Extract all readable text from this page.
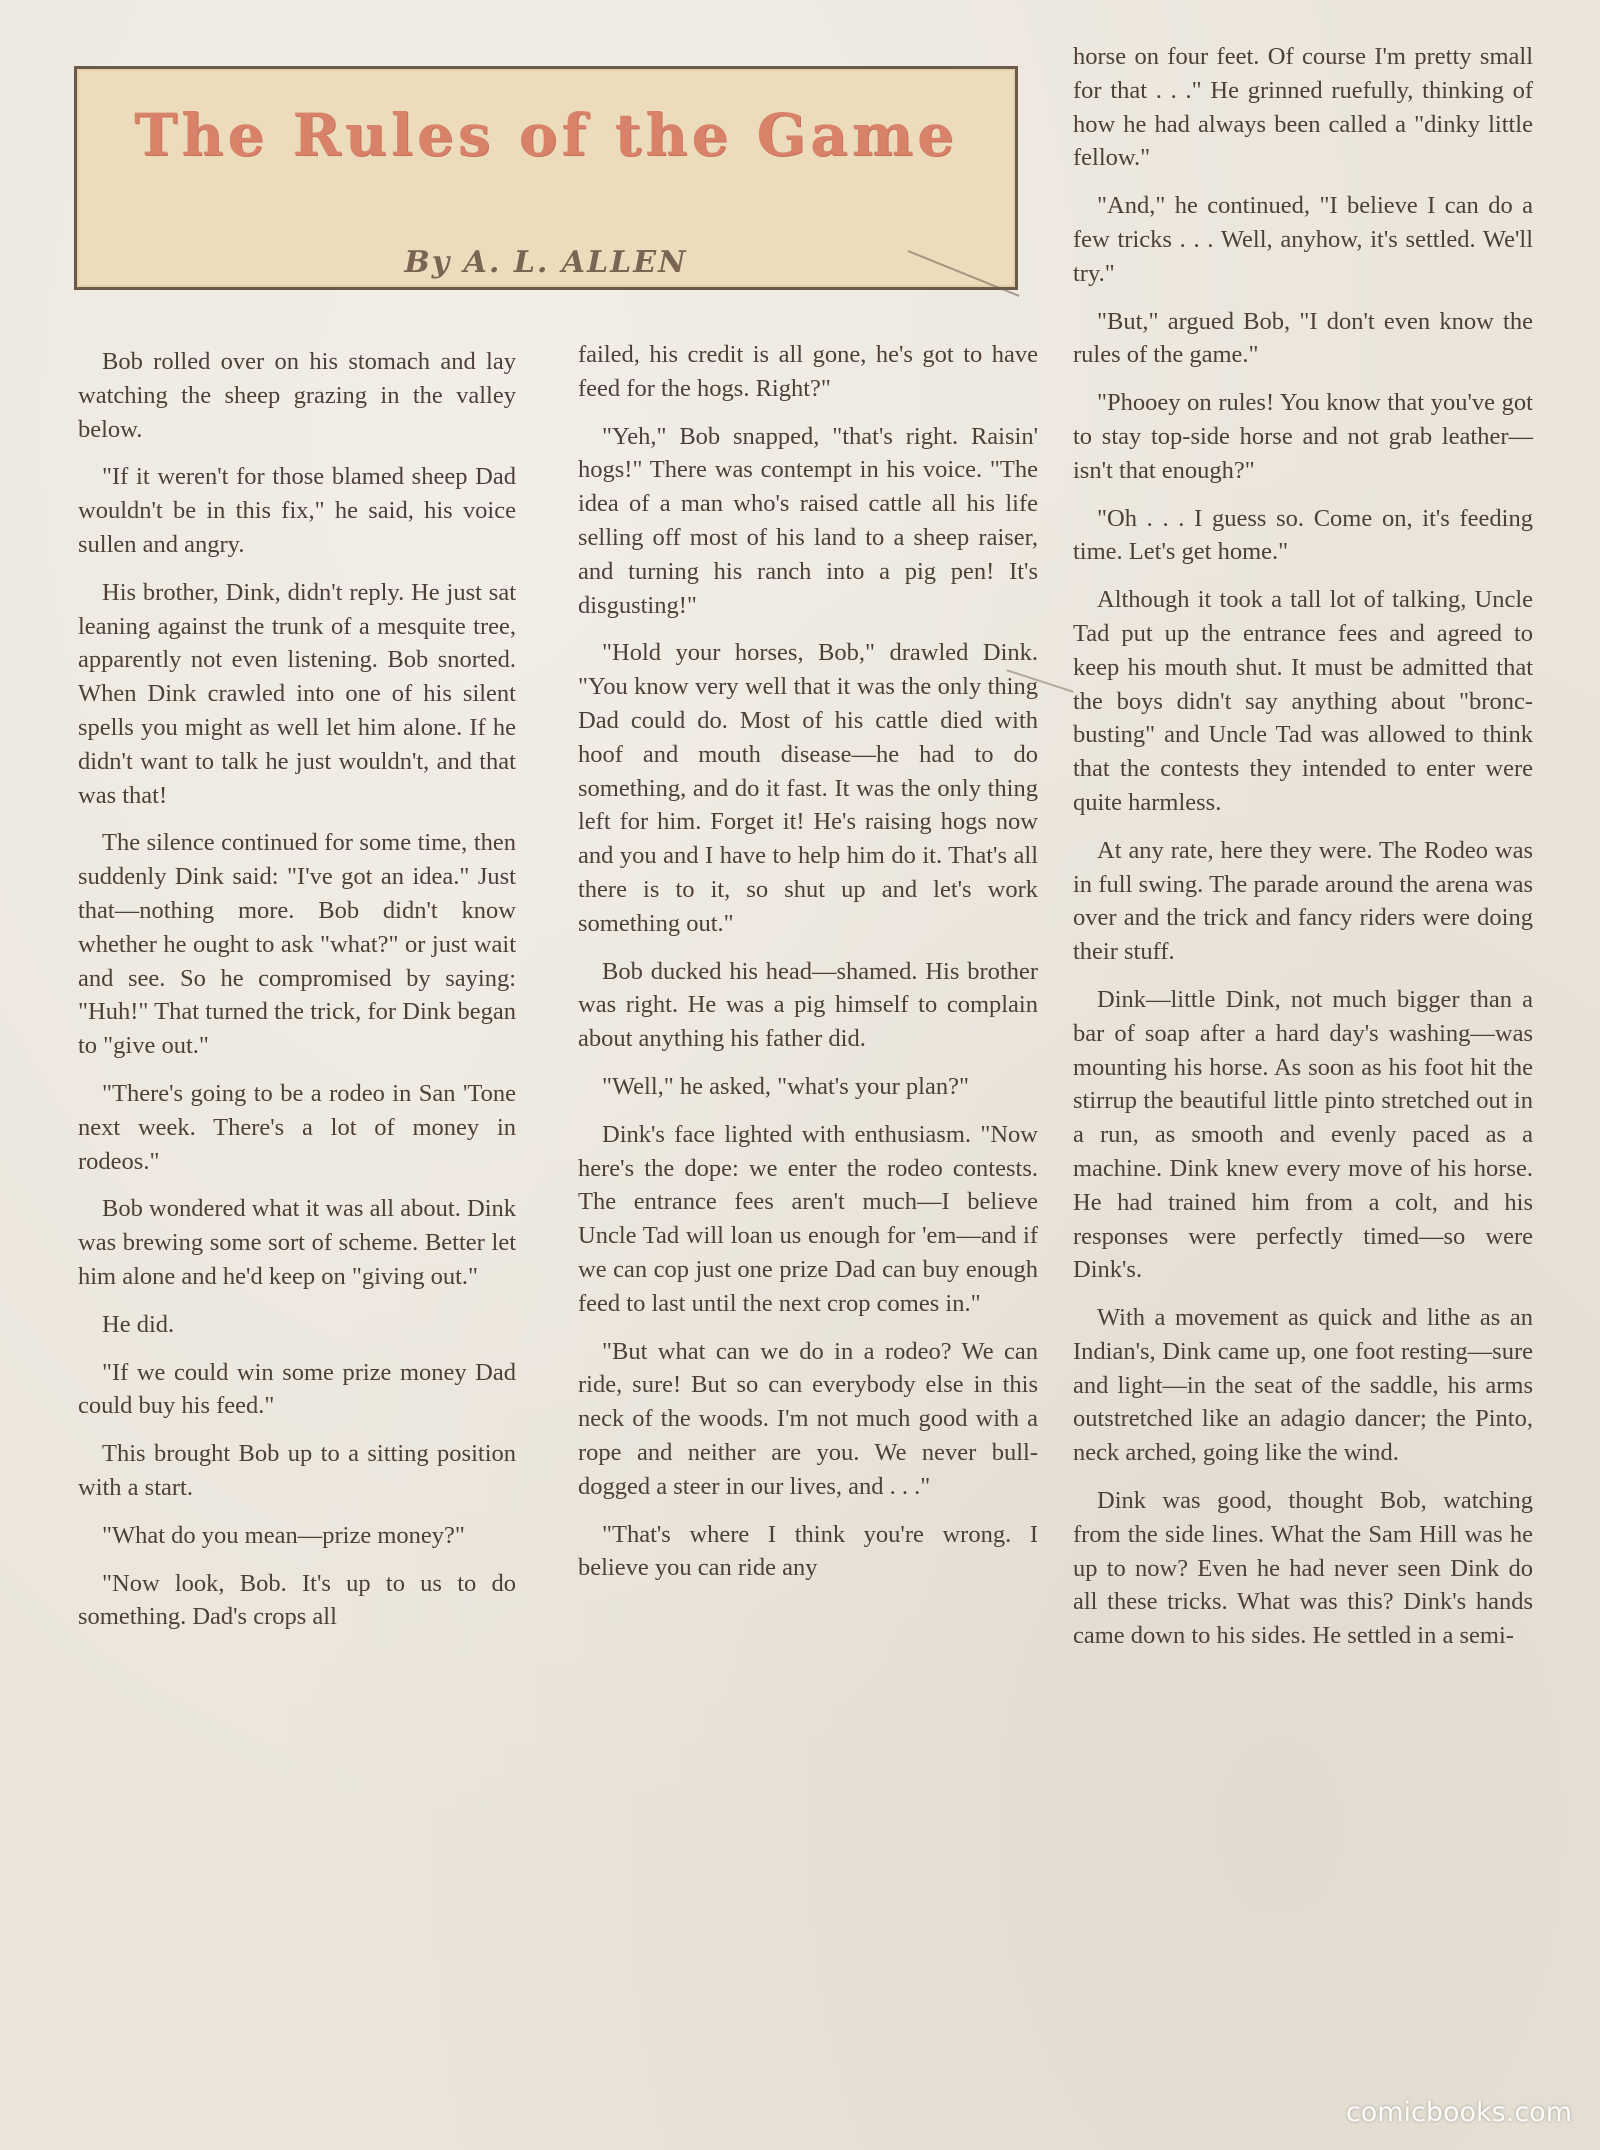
The Rules of the Game
By A. L. ALLEN

Bob rolled over on his stomach and lay watching the sheep grazing in the valley below.

"If it weren't for those blamed sheep Dad wouldn't be in this fix," he said, his voice sullen and angry.

His brother, Dink, didn't reply. He just sat leaning against the trunk of a mesquite tree, apparently not even listening. Bob snorted. When Dink crawled into one of his silent spells you might as well let him alone. If he didn't want to talk he just wouldn't, and that was that!

The silence continued for some time, then suddenly Dink said: "I've got an idea." Just that—nothing more. Bob didn't know whether he ought to ask "what?" or just wait and see. So he compromised by saying: "Huh!" That turned the trick, for Dink began to "give out."

"There's going to be a rodeo in San 'Tone next week. There's a lot of money in rodeos."

Bob wondered what it was all about. Dink was brewing some sort of scheme. Better let him alone and he'd keep on "giving out."

He did.

"If we could win some prize money Dad could buy his feed."

This brought Bob up to a sitting position with a start.

"What do you mean—prize money?"

"Now look, Bob. It's up to us to do something. Dad's crops all

failed, his credit is all gone, he's got to have feed for the hogs. Right?"

"Yeh," Bob snapped, "that's right. Raisin' hogs!" There was contempt in his voice. "The idea of a man who's raised cattle all his life selling off most of his land to a sheep raiser, and turning his ranch into a pig pen! It's disgusting!"

"Hold your horses, Bob," drawled Dink. "You know very well that it was the only thing Dad could do. Most of his cattle died with hoof and mouth disease—he had to do something, and do it fast. It was the only thing left for him. Forget it! He's raising hogs now and you and I have to help him do it. That's all there is to it, so shut up and let's work something out."

Bob ducked his head—shamed. His brother was right. He was a pig himself to complain about anything his father did.

"Well," he asked, "what's your plan?"

Dink's face lighted with enthusiasm. "Now here's the dope: we enter the rodeo contests. The entrance fees aren't much—I believe Uncle Tad will loan us enough for 'em—and if we can cop just one prize Dad can buy enough feed to last until the next crop comes in."

"But what can we do in a rodeo? We can ride, sure! But so can everybody else in this neck of the woods. I'm not much good with a rope and neither are you. We never bull-dogged a steer in our lives, and . . ."

"That's where I think you're wrong. I believe you can ride any

horse on four feet. Of course I'm pretty small for that . . ." He grinned ruefully, thinking of how he had always been called a "dinky little fellow."

"And," he continued, "I believe I can do a few tricks . . . Well, anyhow, it's settled. We'll try."

"But," argued Bob, "I don't even know the rules of the game."

"Phooey on rules! You know that you've got to stay top-side horse and not grab leather—isn't that enough?"

"Oh . . . I guess so. Come on, it's feeding time. Let's get home."

Although it took a tall lot of talking, Uncle Tad put up the entrance fees and agreed to keep his mouth shut. It must be admitted that the boys didn't say anything about "bronc-busting" and Uncle Tad was allowed to think that the contests they intended to enter were quite harmless.

At any rate, here they were. The Rodeo was in full swing. The parade around the arena was over and the trick and fancy riders were doing their stuff.

Dink—little Dink, not much bigger than a bar of soap after a hard day's washing—was mounting his horse. As soon as his foot hit the stirrup the beautiful little pinto stretched out in a run, as smooth and evenly paced as a machine. Dink knew every move of his horse. He had trained him from a colt, and his responses were perfectly timed—so were Dink's.

With a movement as quick and lithe as an Indian's, Dink came up, one foot resting—sure and light—in the seat of the saddle, his arms outstretched like an adagio dancer; the Pinto, neck arched, going like the wind.

Dink was good, thought Bob, watching from the side lines. What the Sam Hill was he up to now? Even he had never seen Dink do all these tricks. What was this? Dink's hands came down to his sides. He settled in a semi-

comicbooks.com
